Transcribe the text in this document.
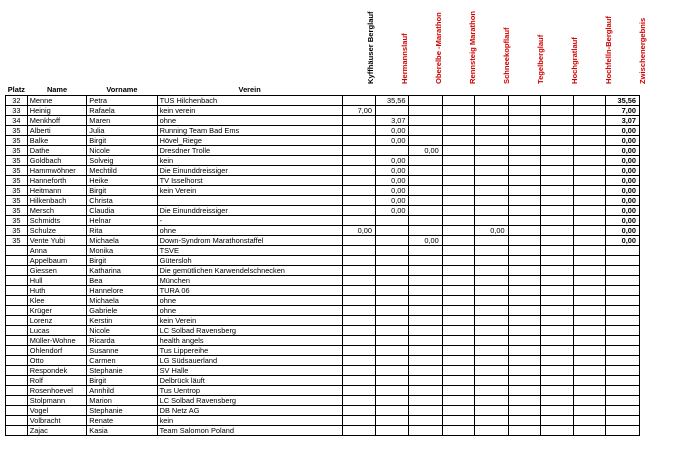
Kyffhäuser Berglauf	Hermannslauf	Oberelbe -Marathon	Rennsteig Marathon	Schneekopflauf	Tegelberglauf	Hochgratlauf	Hochfelln-Berglauf	Zwischenergebnis
Platz	Name	Vorname	Verein									
32	Menne	Petra	TUS Hilchenbach		35,56							35,56
33	Heinig	Rafaela	kein verein	7,00								7,00
34	Menkhoff	Maren	ohne		3,07							3,07
35	Alberti	Julia	Running Team Bad Ems		0,00							0,00
35	Balke	Birgit	Hövel_Riege		0,00							0,00
35	Dathe	Nicole	Dresdner Trolle			0,00						0,00
35	Goldbach	Solveig	kein		0,00							0,00
35	Hammwöhner	Mechtild	Die Einunddreissiger		0,00							0,00
35	Hanneforth	Heike	TV Isselhorst		0,00							0,00
35	Heitmann	Birgit	kein Verein		0,00							0,00
35	Hilkenbach	Christa			0,00							0,00
35	Mersch	Claudia	Die Einunddreissiger		0,00							0,00
35	Schmidts	Helnar	-									0,00
35	Schulze	Rita	ohne	0,00				0,00				0,00
35	Vente Yubi	Michaela	Down-Syndrom Marathonstaffel			0,00						0,00
	Anna	Monika	TSVE									
	Appelbaum	Birgit	Gütersloh									
	Giessen	Katharina	Die gemütlichen Karwendelschnecken									
	Hull	Bea	München									
	Huth	Hannelore	TURA 06									
	Klee	Michaela	ohne									
	Krüger	Gabriele	ohne									
	Lorenz	Kerstin	kein Verein									
	Lucas	Nicole	LC Solbad Ravensberg									
	Müller-Wohne	Ricarda	health angels									
	Ohlendorf	Susanne	Tus Lippereihe									
	Otto	Carmen	LG Südsauerland									
	Respondek	Stephanie	SV Halle									
	Rolf	Birgit	Delbrück läuft									
	Rosenhoevel	Annhild	Tus Uentrop									
	Stolpmann	Marion	LC Solbad Ravensberg									
	Vogel	Stephanie	DB Netz AG									
	Volbracht	Renate	kein									
	Zajac	Kasia	Team Salomon Poland									
